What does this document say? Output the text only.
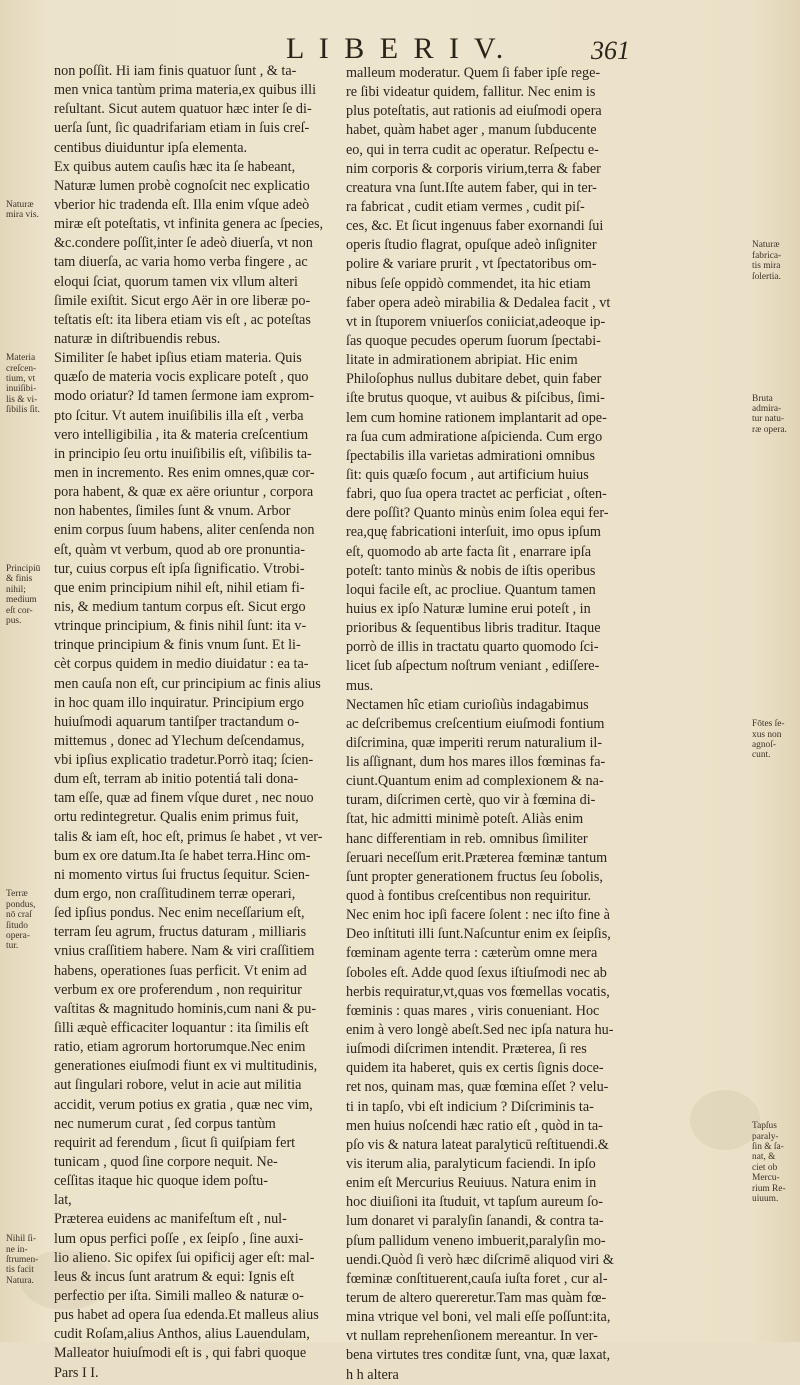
L I B E R I V.	361
non poſſit. Hi iam finis quatuor ſunt , & ta-
men vnica tantùm prima materia,ex quibus illi
reſultant. Sicut autem quatuor hæc inter ſe di-
uerſa ſunt, ſic quadrifariam etiam in ſuis creſ-
centibus diuiduntur ipſa elementa.
Ex quibus autem cauſis hæc ita ſe habeant,
Naturæ lumen probè cognoſcit nec explicatio
vberior hic tradenda eſt. Illa enim vſque adeò
miræ eſt poteſtatis, vt infinita genera ac ſpecies,
&c.condere poſſit,inter ſe adeò diuerſa, vt non
tam diuerſa, ac varia homo verba fingere , ac
eloqui ſciat, quorum tamen vix vllum alteri
ſimile exiſtit. Sicut ergo Aër in ore liberæ po-
teſtatis eſt: ita libera etiam vis eſt , ac poteſtas
naturæ in diſtribuendis rebus.
Similiter ſe habet ipſius etiam materia. Quis
quæſo de materia vocis explicare poteſt , quo
modo oriatur? Id tamen ſermone iam exprom-
pto ſcitur. Vt autem inuiſibilis illa eſt , verba
vero intelligibilia , ita & materia creſcentium
in principio ſeu ortu inuiſibilis eſt, viſibilis ta-
men in incremento. Res enim omnes,quæ cor-
pora habent, & quæ ex aëre oriuntur , corpora
non habentes, ſimiles ſunt & vnum. Arbor
enim corpus ſuum habens, aliter cenſenda non
eſt, quàm vt verbum, quod ab ore pronuntia-
tur, cuius corpus eſt ipſa ſignificatio. Vtrobi-
que enim principium nihil eſt, nihil etiam fi-
nis, & medium tantum corpus eſt. Sicut ergo
vtrinque principium, & finis nihil ſunt: ita v-
trinque principium & finis vnum ſunt. Et li-
cèt corpus quidem in medio diuidatur : ea ta-
men cauſa non eſt, cur principium ac finis alius
in hoc quam illo inquiratur. Principium ergo
huiuſmodi aquarum tantiſper tractandum o-
mittemus , donec ad Ylechum deſcendamus,
vbi ipſius explicatio tradetur.Porrò itaq; ſcien-
dum eſt, terram ab initio potentiá tali dona-
tam eſſe, quæ ad finem vſque duret , nec nouo
ortu redintegretur. Qualis enim primus fuit,
talis & iam eſt, hoc eſt, primus ſe habet , vt ver-
bum ex ore datum.Ita ſe habet terra.Hinc om-
ni momento virtus ſui fructus ſequitur. Scien-
dum ergo, non craſſitudinem terræ operari,
ſed ipſius pondus. Nec enim neceſſarium eſt,
terram ſeu agrum, fructus daturam , milliaris
vnius craſſitiem habere. Nam & viri craſſitiem
habens, operationes ſuas perficit. Vt enim ad
verbum ex ore proferendum , non requiritur
vaſtitas & magnitudo hominis,cum nani & pu-
ſilli æquè efficaciter loquantur : ita ſimilis eſt
ratio, etiam agrorum hortorumque.Nec enim
generationes eiuſmodi fiunt ex vi multitudinis,
aut ſingulari robore, velut in acie aut militia
accidit, verum potius ex gratia , quæ nec vim,
nec numerum curat , ſed corpus tantùm
requirit ad ferendum , ſicut ſi quiſpiam fert
tunicam , quod ſine corpore nequit. Ne-
ceſſitas itaque hic quoque idem poſtu-
lat,
Præterea euidens ac manifeſtum eſt , nul-
lum opus perfici poſſe , ex ſeipſo , ſine auxi-
lio alieno. Sic opifex ſui opificij ager eſt: mal-
leus & incus ſunt aratrum & equi: Ignis eſt
perfectio per iſta. Simili malleo & naturæ o-
pus habet ad opera ſua edenda.Et malleus alius
cudit Roſam,alius Anthos, alius Lauendulam,
Malleator huiuſmodi eſt is , qui fabri quoque
Pars I I.
malleum moderatur. Quem ſi faber ipſe rege-
re ſibi videatur quidem, fallitur. Nec enim is
plus poteſtatis, aut rationis ad eiuſmodi opera
habet, quàm habet ager , manum ſubducente
eo, qui in terra cudit ac operatur. Reſpectu e-
nim corporis & corporis virium,terra & faber
creatura vna ſunt.Iſte autem faber, qui in ter-
ra fabricat , cudit etiam vermes , cudit piſ-
ces, &c. Et ſicut ingenuus faber exornandi ſui
operis ſtudio flagrat, opuſque adeò inſigniter
polire & variare prurit , vt ſpectatoribus om-
nibus ſeſe oppidò commendet, ita hic etiam
faber opera adeò mirabilia & Dedalea facit , vt
vt in ſtuporem vniuerſos coniiciat,adeoque ip-
ſas quoque pecudes operum ſuorum ſpectabi-
litate in admirationem abripiat. Hic enim
Philoſophus nullus dubitare debet, quin faber
iſte brutus quoque, vt auibus & piſcibus, ſimi-
lem cum homine rationem implantarit ad ope-
ra ſua cum admiratione aſpicienda. Cum ergo
ſpectabilis illa varietas admirationi omnibus
ſit: quis quæſo focum , aut artificium huius
fabri, quo ſua opera tractet ac perficiat , oſten-
dere poſſit? Quanto minùs enim ſolea equi fer-
rea,quę fabricationi interſuit, imo opus ipſum
eſt, quomodo ab arte facta ſit , enarrare ipſa
poteſt: tanto minùs & nobis de iſtis operibus
loqui facile eſt, ac procliue. Quantum tamen
huius ex ipſo Naturæ lumine erui poteſt , in
prioribus & ſequentibus libris traditur. Itaque
porrò de illis in tractatu quarto quomodo ſci-
licet ſub aſpectum noſtrum veniant , ediſſere-
mus.
Nectamen hîc etiam curioſiùs indagabimus
ac deſcribemus creſcentium eiuſmodi fontium
diſcrimina, quæ imperiti rerum naturalium il-
lis aſſignant, dum hos mares illos fœminas fa-
ciunt.Quantum enim ad complexionem & na-
turam, diſcrimen certè, quo vir à fœmina di-
ſtat, hic admitti minimè poteſt. Aliàs enim
hanc differentiam in reb. omnibus ſimiliter
ſeruari neceſſum erit.Præterea fœminæ tantum
ſunt propter generationem fructus ſeu ſobolis,
quod à fontibus creſcentibus non requiritur.
Nec enim hoc ipſi facere ſolent : nec iſto fine à
Deo inſtituti illi ſunt.Naſcuntur enim ex ſeipſis,
fœminam agente terra : cæterùm omne mera
ſoboles eſt. Adde quod ſexus iſtiuſmodi nec ab
herbis requiratur,vt,quas vos fœmellas vocatis,
fœminis : quas mares , viris conueniant. Hoc
enim à vero longè abeſt.Sed nec ipſa natura hu-
iuſmodi diſcrimen intendit. Præterea, ſi res
quidem ita haberet, quis ex certis ſignis doce-
ret nos, quinam mas, quæ fœmina eſſet ? velu-
ti in tapſo, vbi eſt indicium ? Diſcriminis ta-
men huius noſcendi hæc ratio eſt , quòd in ta-
pſo vis & natura lateat paralyticū reſtituendi.&
vis iterum alia, paralyticum faciendi. In ipſo
enim eſt Mercurius Reuiuus. Natura enim in
hoc diuiſioni ita ſtuduit, vt tapſum aureum ſo-
lum donaret vi paralyſin ſanandi, & contra ta-
pſum pallidum veneno imbuerit,paralyſin mo-
uendi.Quòd ſi verò hæc diſcrimē aliquod viri &
fœminæ conſtituerent,cauſa iuſta foret , cur al-
terum de altero quereretur.Tam mas quàm fœ-
mina vtrique vel boni, vel mali eſſe poſſunt:ita,
vt nullam reprehenſionem mereantur. In ver-
bena virtutes tres conditæ ſunt, vna, quæ laxat,
h h altera
Naturæ
mira vis.
Materia
creſcen-
tium, vt
inuiſibi-
lis & vi-
ſibilis ſit.
Principiū
& finis
nihil;
medium
eſt cor-
pus.
Terræ
pondus,
nō craſ
ſitudo
opera-
tur.
Nihil ſi-
ne in-
ſtrumen-
tis facit
Natura.
Naturæ
fabrica-
tis mira
ſolertia.
Bruta
admira-
tur natu-
ræ opera.
Fōtes ſe-
xus non
agnoſ-
cunt.
Tapſus
paraly-
ſin & ſa-
nat, &
ciet ob
Mercu-
rium Re-
uiuum.
